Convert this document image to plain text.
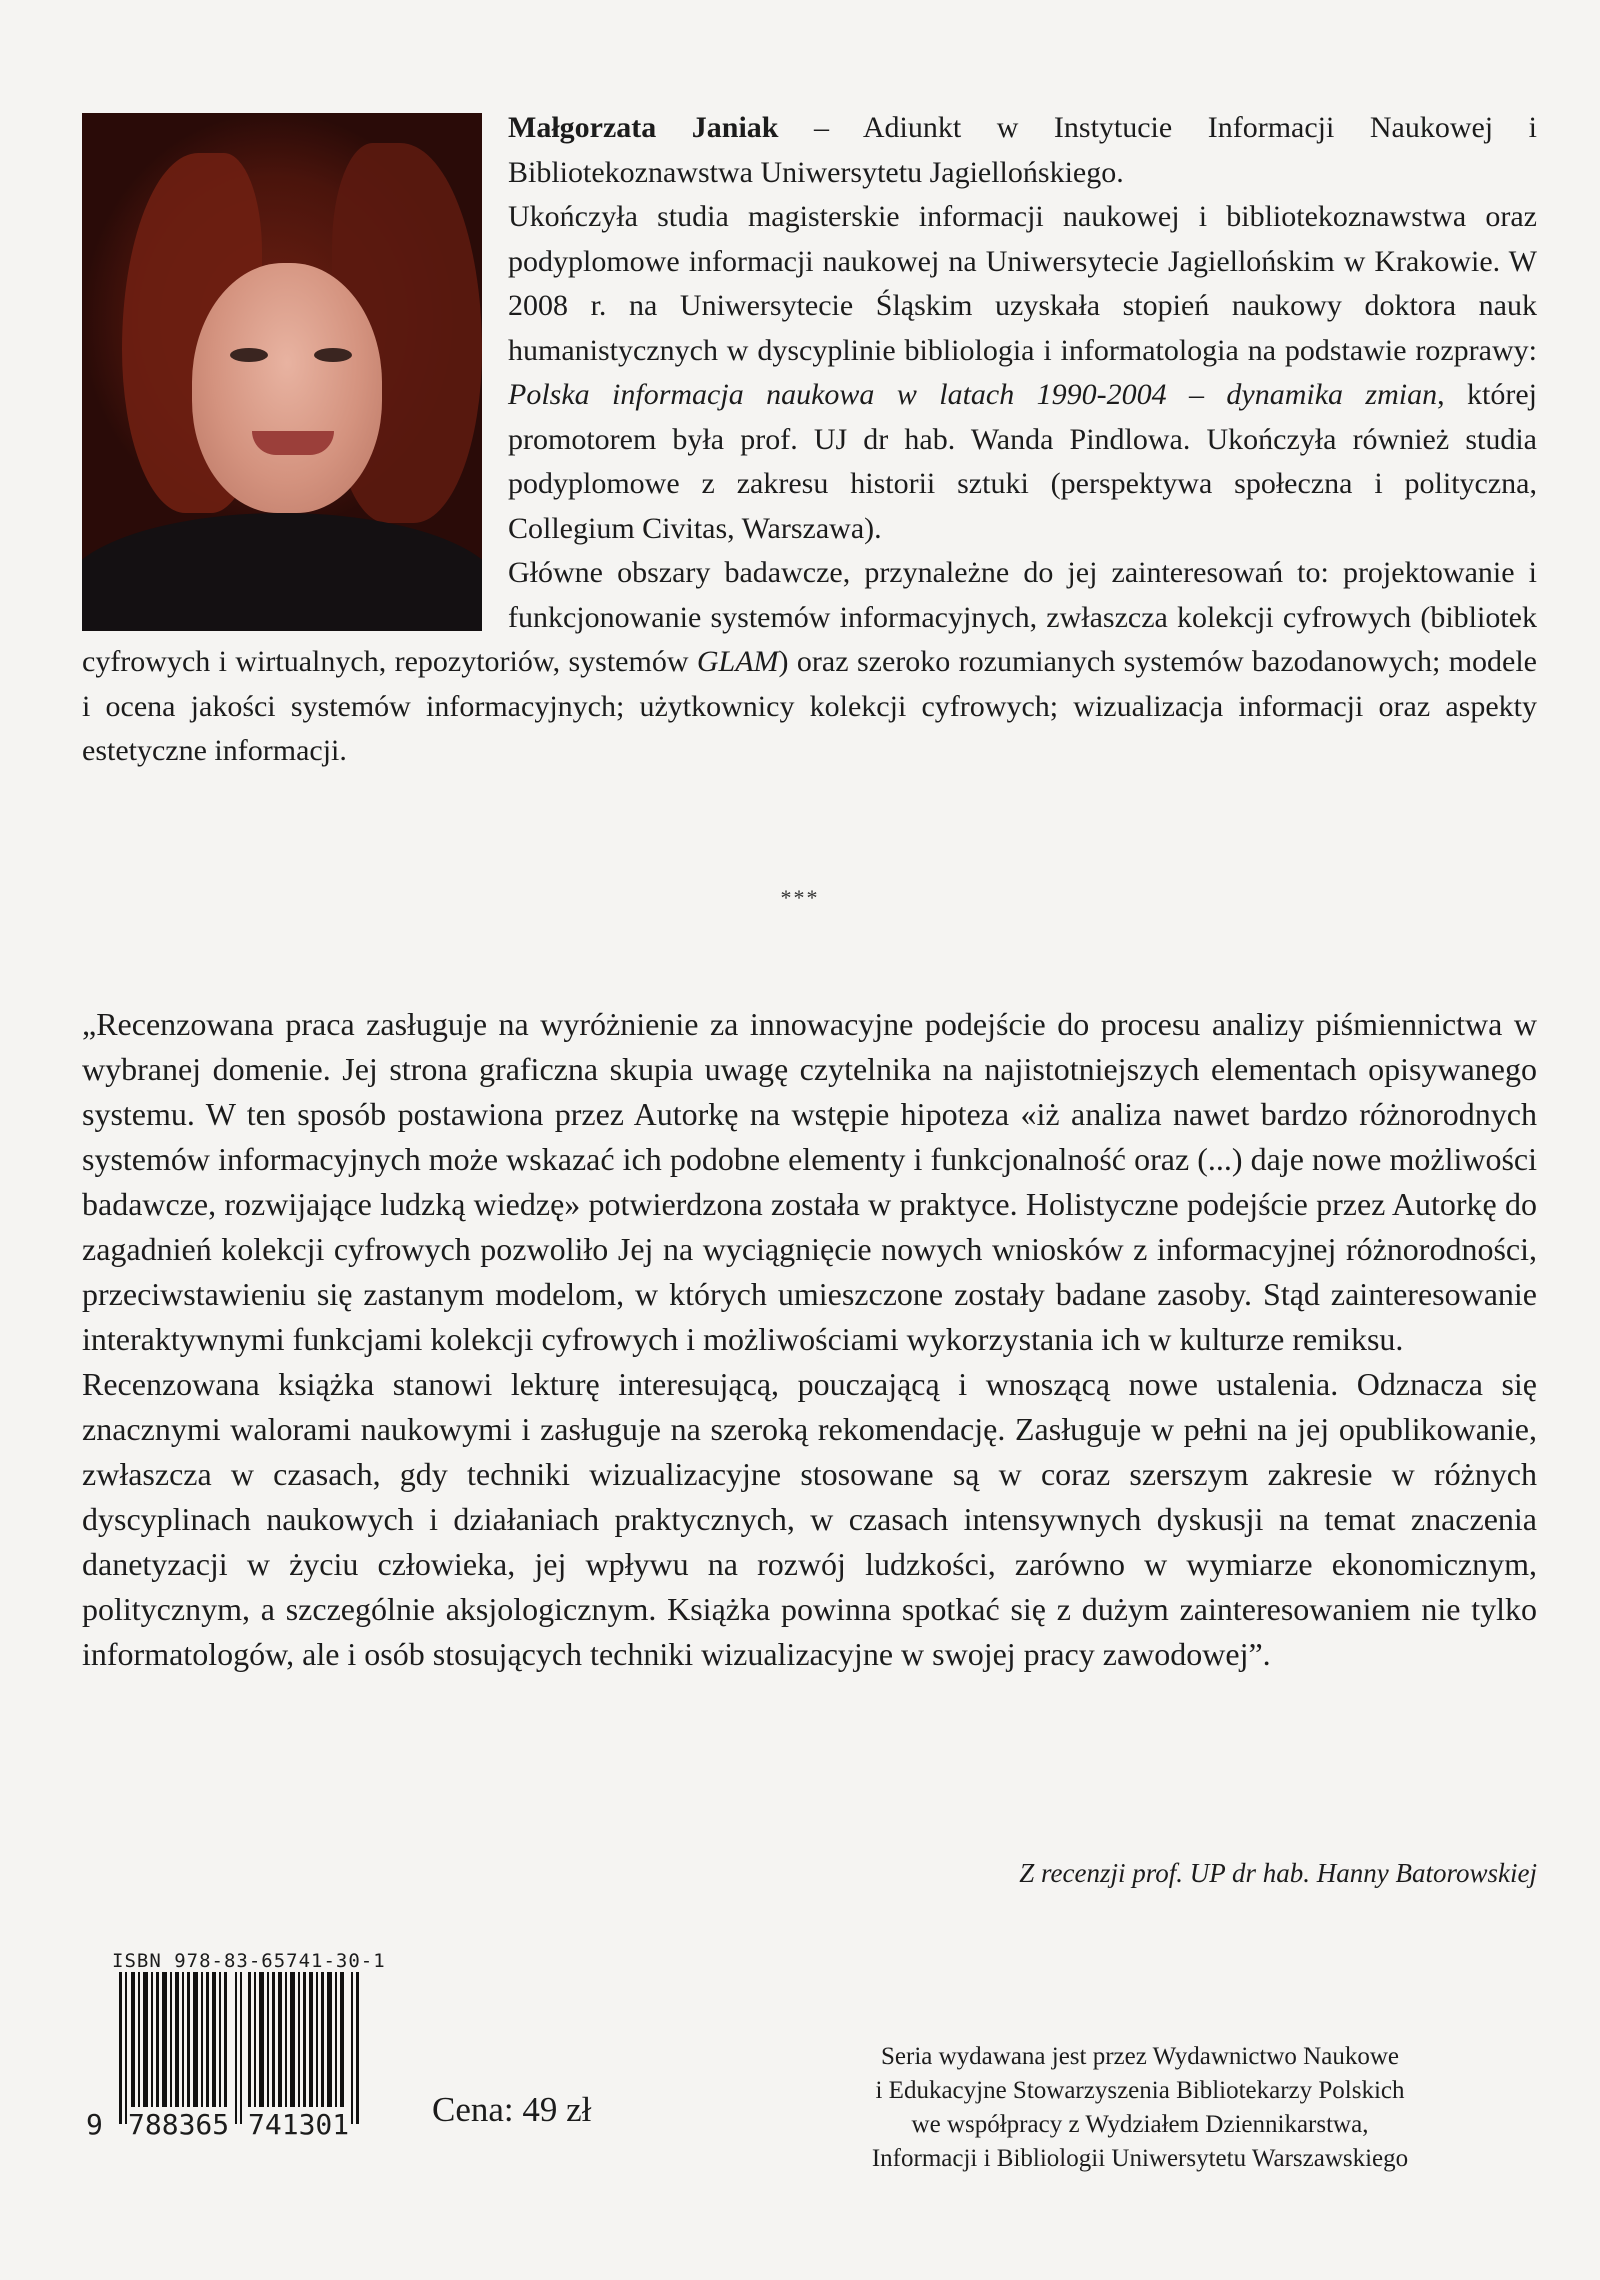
Małgorzata Janiak – Adiunkt w Instytucie Informacji Naukowej i Bibliotekoznawstwa Uniwersytetu Jagiellońskiego.

Ukończyła studia magisterskie informacji naukowej i bibliotekoznawstwa oraz podyplomowe informacji naukowej na Uniwersytecie Jagiellońskim w Krakowie. W 2008 r. na Uniwersytecie Śląskim uzyskała stopień naukowy doktora nauk humanistycznych w dyscyplinie bibliologia i informatologia na podstawie rozprawy: Polska informacja naukowa w latach 1990-2004 – dynamika zmian, której promotorem była prof. UJ dr hab. Wanda Pindlowa. Ukończyła również studia podyplomowe z zakresu historii sztuki (perspektywa społeczna i polityczna, Collegium Civitas, Warszawa).

Główne obszary badawcze, przynależne do jej zainteresowań to: projektowanie i funkcjonowanie systemów informacyjnych, zwłaszcza kolekcji cyfrowych (bibliotek cyfrowych i wirtualnych, repozytoriów, systemów GLAM) oraz szeroko rozumianych systemów bazodanowych; modele i ocena jakości systemów informacyjnych; użytkownicy kolekcji cyfrowych; wizualizacja informacji oraz aspekty estetyczne informacji.

***

„Recenzowana praca zasługuje na wyróżnienie za innowacyjne podejście do procesu analizy piśmiennictwa w wybranej domenie. Jej strona graficzna skupia uwagę czytelnika na najistotniejszych elementach opisywanego systemu. W ten sposób postawiona przez Autorkę na wstępie hipoteza «iż analiza nawet bardzo różnorodnych systemów informacyjnych może wskazać ich podobne elementy i funkcjonalność oraz (...) daje nowe możliwości badawcze, rozwijające ludzką wiedzę» potwierdzona została w praktyce. Holistyczne podejście przez Autorkę do zagadnień kolekcji cyfrowych pozwoliło Jej na wyciągnięcie nowych wniosków z informacyjnej różnorodności, przeciwstawieniu się zastanym modelom, w których umieszczone zostały badane zasoby. Stąd zainteresowanie interaktywnymi funkcjami kolekcji cyfrowych i możliwościami wykorzystania ich w kulturze remiksu.

Recenzowana książka stanowi lekturę interesującą, pouczającą i wnoszącą nowe ustalenia. Odznacza się znacznymi walorami naukowymi i zasługuje na szeroką rekomendację. Zasługuje w pełni na jej opublikowanie, zwłaszcza w czasach, gdy techniki wizualizacyjne stosowane są w coraz szerszym zakresie w różnych dyscyplinach naukowych i działaniach praktycznych, w czasach intensywnych dyskusji na temat znaczenia danetyzacji w życiu człowieka, jej wpływu na rozwój ludzkości, zarówno w wymiarze ekonomicznym, politycznym, a szczególnie aksjologicznym. Książka powinna spotkać się z dużym zainteresowaniem nie tylko informatologów, ale i osób stosujących techniki wizualizacyjne w swojej pracy zawodowej”.

Z recenzji prof. UP dr hab. Hanny Batorowskiej
ISBN 978-83-65741-30-1
9 788365 741301 Cena: 49 zł
Seria wydawana jest przez Wydawnictwo Naukowe
i Edukacyjne Stowarzyszenia Bibliotekarzy Polskich
we współpracy z Wydziałem Dziennikarstwa,
Informacji i Bibliologii Uniwersytetu Warszawskiego
